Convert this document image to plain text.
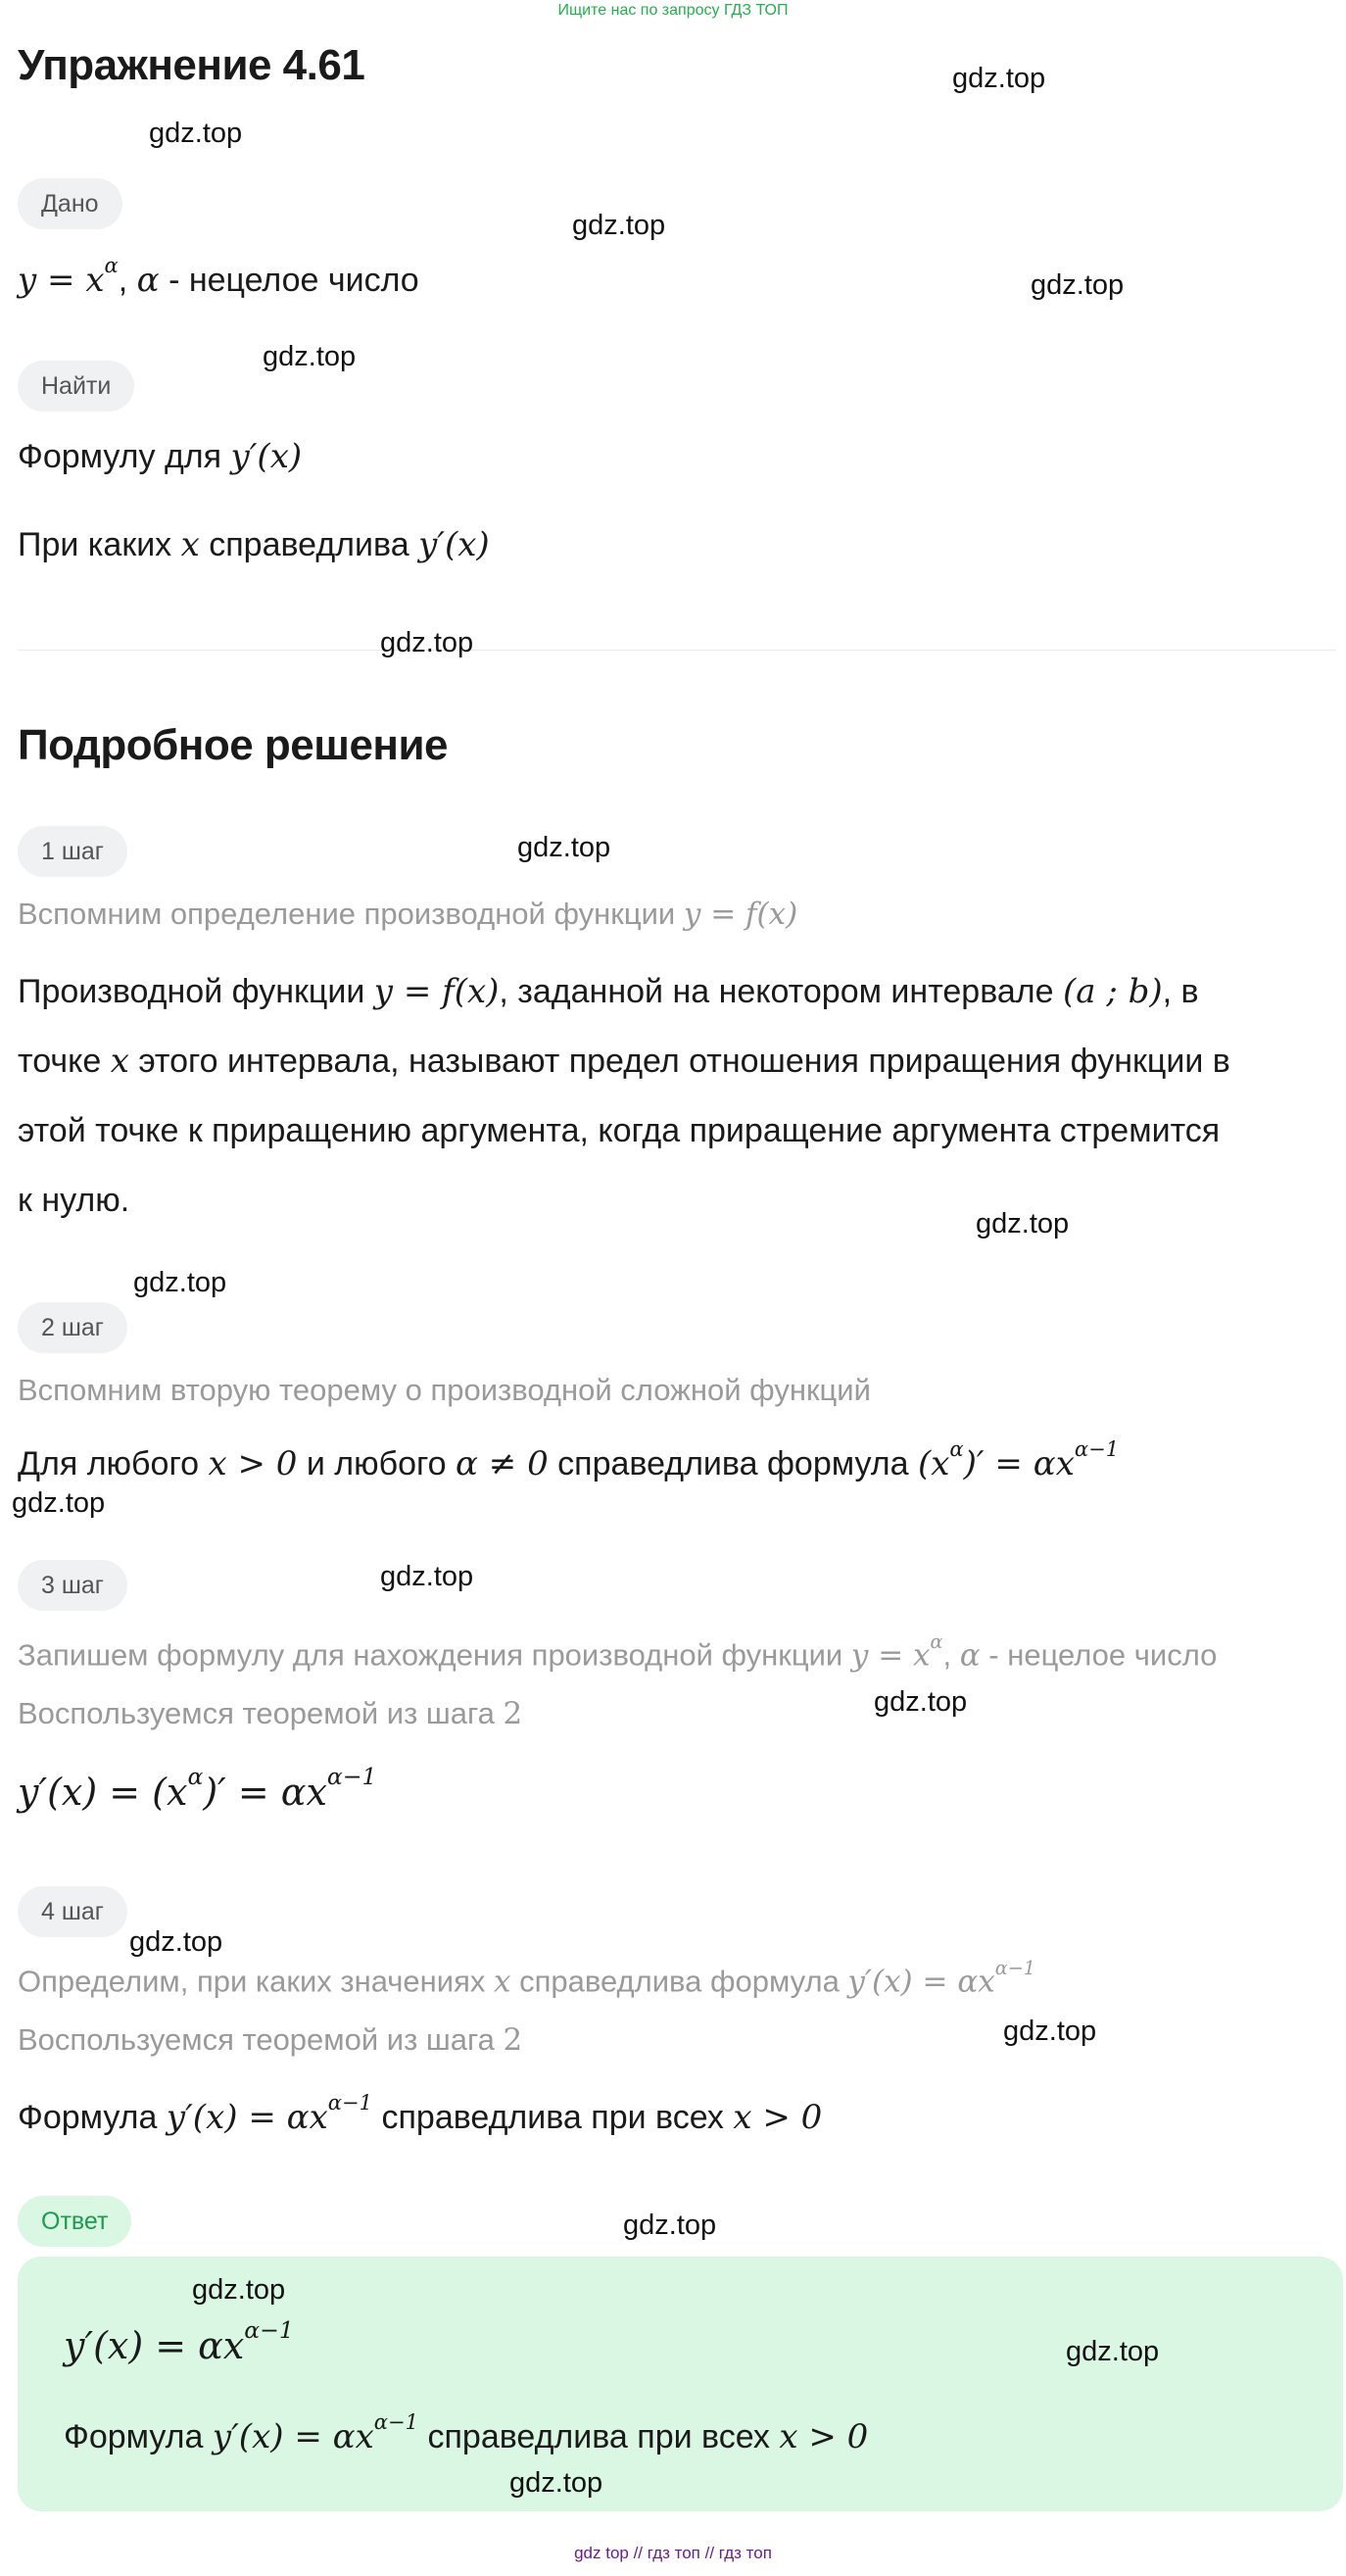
Ищите нас по запросу ГДЗ ТОП
Упражнение 4.61
Дано
$y = x^\alpha$, α - нецелое число
Найти
Формулу для y′(x)
При каких x справедлива y′(x)
Подробное решение
1 шаг
Вспомним определение производной функции y = f(x)
Производной функции y = f(x), заданной на некотором интервале (a ; b), в
точке x этого интервала, называют предел отношения приращения функции в
этой точке к приращению аргумента, когда приращение аргумента стремится
к нулю.
2 шаг
Вспомним вторую теорему о производной сложной функций
Для любого x > 0 и любого α ≠ 0 справедлива формула $(x^\alpha)' = \alpha x^{\alpha-1}$
3 шаг
Запишем формулу для нахождения производной функции $y = x^\alpha$, α - нецелое число
Воспользуемся теоремой из шага 2
$y'(x) = (x^\alpha)' = \alpha x^{\alpha-1}$
4 шаг
Определим, при каких значениях x справедлива формула $y'(x) = \alpha x^{\alpha-1}$
Воспользуемся теоремой из шага 2
Формула $y'(x) = \alpha x^{\alpha-1}$ справедлива при всех x > 0
Ответ
$y'(x) = \alpha x^{\alpha-1}$
Формула $y'(x) = \alpha x^{\alpha-1}$ справедлива при всех x > 0
gdz.top
gdz.top
gdz.top
gdz.top
gdz.top
gdz.top
gdz.top
gdz.top
gdz.top
gdz.top
gdz.top
gdz.top
gdz.top
gdz.top
gdz.top
gdz.top
gdz.top
gdz.top
gdz top // гдз топ // гдз топ
